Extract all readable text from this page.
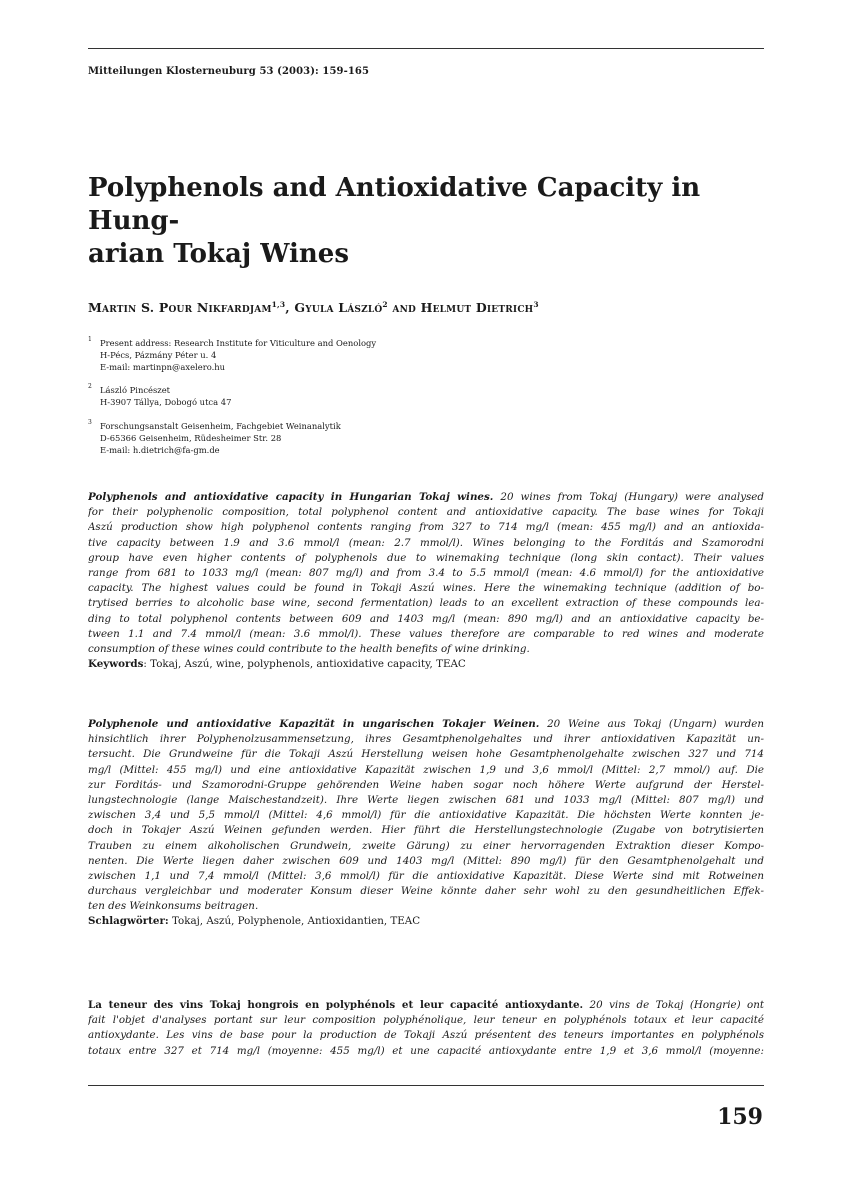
Mitteilungen Klosterneuburg 53 (2003): 159-165
Polyphenols and Antioxidative Capacity in Hung-
arian Tokaj Wines
Martin S. Pour Nikfardjam$^{1,3}$, Gyula László$^2$ and Helmut Dietrich$^3$
1 Present address: Research Institute for Viticulture and Oenology
H-Pécs, Pázmány Péter u. 4
E-mail: martinpn@axelero.hu
2 László Pincészet
H-3907 Tállya, Dobogó utca 47
3 Forschungsanstalt Geisenheim, Fachgebiet Weinanalytik
D-65366 Geisenheim, Rüdesheimer Str. 28
E-mail: h.dietrich@fa-gm.de
Polyphenols and antioxidative capacity in Hungarian Tokaj wines. 20 wines from Tokaj (Hungary) were analysed
for their polyphenolic composition, total polyphenol content and antioxidative capacity. The base wines for Tokaji
Aszú production show high polyphenol contents ranging from 327 to 714 mg/l (mean: 455 mg/l) and an antioxida-
tive capacity between 1.9 and 3.6 mmol/l (mean: 2.7 mmol/l). Wines belonging to the Forditás and Szamorodni
group have even higher contents of polyphenols due to winemaking technique (long skin contact). Their values
range from 681 to 1033 mg/l (mean: 807 mg/l) and from 3.4 to 5.5 mmol/l (mean: 4.6 mmol/l) for the antioxidative
capacity. The highest values could be found in Tokaji Aszú wines. Here the winemaking technique (addition of bo-
trytised berries to alcoholic base wine, second fermentation) leads to an excellent extraction of these compounds lea-
ding to total polyphenol contents between 609 and 1403 mg/l (mean: 890 mg/l) and an antioxidative capacity be-
tween 1.1 and 7.4 mmol/l (mean: 3.6 mmol/l). These values therefore are comparable to red wines and moderate
consumption of these wines could contribute to the health benefits of wine drinking.
Keywords: Tokaj, Aszú, wine, polyphenols, antioxidative capacity, TEAC
Polyphenole und antioxidative Kapazität in ungarischen Tokajer Weinen. 20 Weine aus Tokaj (Ungarn) wurden
hinsichtlich ihrer Polyphenolzusammensetzung, ihres Gesamtphenolgehaltes und ihrer antioxidativen Kapazität un-
tersucht. Die Grundweine für die Tokaji Aszú Herstellung weisen hohe Gesamtphenolgehalte zwischen 327 und 714
mg/l (Mittel: 455 mg/l) und eine antioxidative Kapazität zwischen 1,9 und 3,6 mmol/l (Mittel: 2,7 mmol/) auf. Die
zur Forditás- und Szamorodni-Gruppe gehörenden Weine haben sogar noch höhere Werte aufgrund der Herstel-
lungstechnologie (lange Maischestandzeit). Ihre Werte liegen zwischen 681 und 1033 mg/l (Mittel: 807 mg/l) und
zwischen 3,4 und 5,5 mmol/l (Mittel: 4,6 mmol/l) für die antioxidative Kapazität. Die höchsten Werte konnten je-
doch in Tokajer Aszú Weinen gefunden werden. Hier führt die Herstellungstechnologie (Zugabe von botrytisierten
Trauben zu einem alkoholischen Grundwein, zweite Gärung) zu einer hervorragenden Extraktion dieser Kompo-
nenten. Die Werte liegen daher zwischen 609 und 1403 mg/l (Mittel: 890 mg/l) für den Gesamtphenolgehalt und
zwischen 1,1 und 7,4 mmol/l (Mittel: 3,6 mmol/l) für die antioxidative Kapazität. Diese Werte sind mit Rotweinen
durchaus vergleichbar und moderater Konsum dieser Weine könnte daher sehr wohl zu den gesundheitlichen Effek-
ten des Weinkonsums beitragen.
Schlagwörter: Tokaj, Aszú, Polyphenole, Antioxidantien, TEAC
La teneur des vins Tokaj hongrois en polyphénols et leur capacité antioxydante. 20 vins de Tokaj (Hongrie) ont
fait l'objet d'analyses portant sur leur composition polyphénolique, leur teneur en polyphénols totaux et leur capacité
antioxydante. Les vins de base pour la production de Tokaji Aszú présentent des teneurs importantes en polyphénols
totaux entre 327 et 714 mg/l (moyenne: 455 mg/l) et une capacité antioxydante entre 1,9 et 3,6 mmol/l (moyenne:
159
